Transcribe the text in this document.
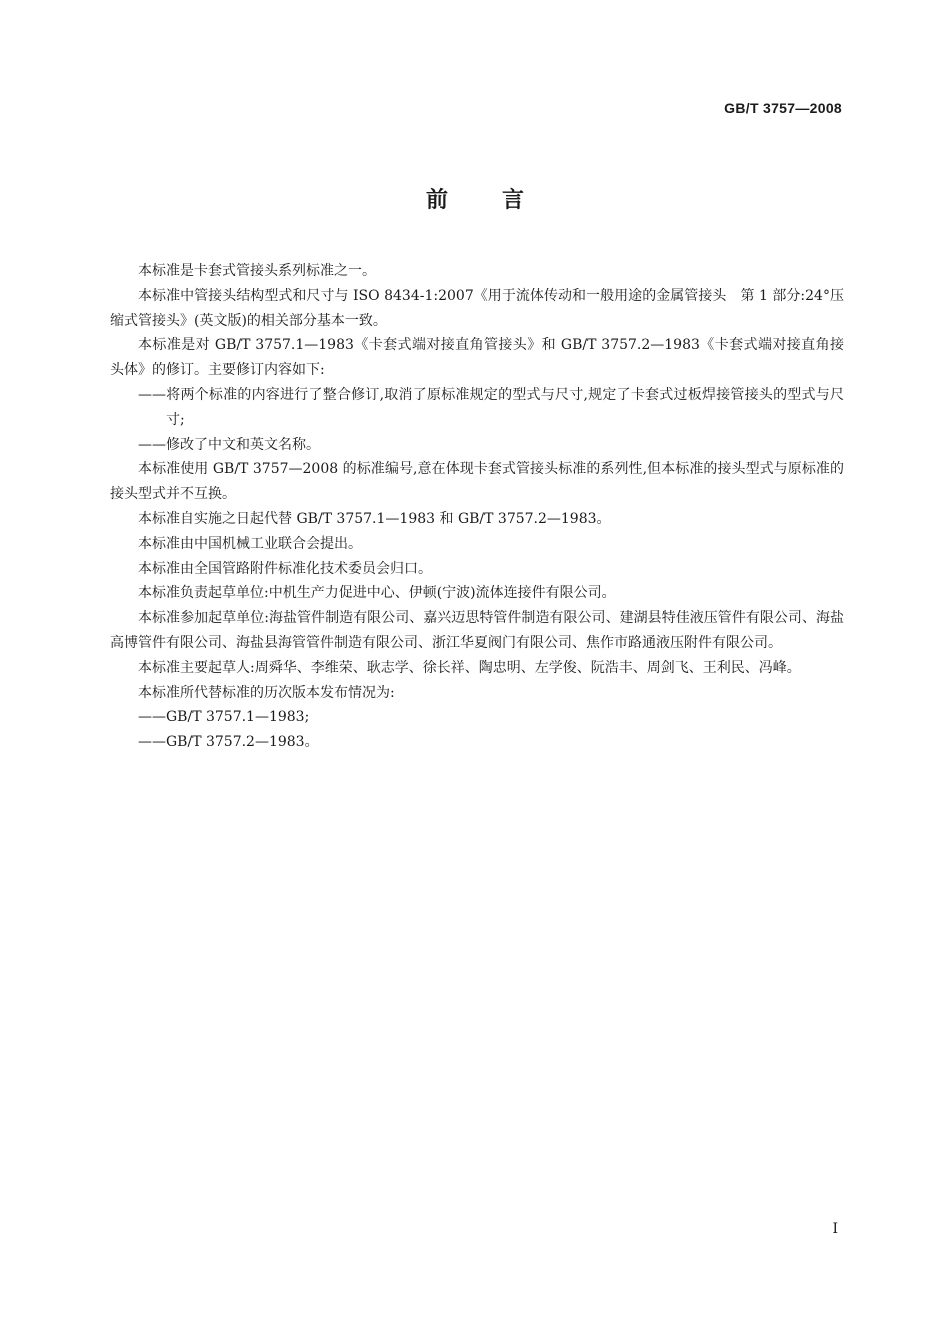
GB/T 3757—2008
前言

本标准是卡套式管接头系列标准之一。

本标准中管接头结构型式和尺寸与 ISO 8434-1:2007《用于流体传动和一般用途的金属管接头　第 1 部分:24°压缩式管接头》(英文版)的相关部分基本一致。

本标准是对 GB/T 3757.1—1983《卡套式端对接直角管接头》和 GB/T 3757.2—1983《卡套式端对接直角接头体》的修订。主要修订内容如下:

——将两个标准的内容进行了整合修订,取消了原标准规定的型式与尺寸,规定了卡套式过板焊接管接头的型式与尺寸;

——修改了中文和英文名称。

本标准使用 GB/T 3757—2008 的标准编号,意在体现卡套式管接头标准的系列性,但本标准的接头型式与原标准的接头型式并不互换。

本标准自实施之日起代替 GB/T 3757.1—1983 和 GB/T 3757.2—1983。

本标准由中国机械工业联合会提出。

本标准由全国管路附件标准化技术委员会归口。

本标准负责起草单位:中机生产力促进中心、伊顿(宁波)流体连接件有限公司。

本标准参加起草单位:海盐管件制造有限公司、嘉兴迈思特管件制造有限公司、建湖县特佳液压管件有限公司、海盐高博管件有限公司、海盐县海管管件制造有限公司、浙江华夏阀门有限公司、焦作市路通液压附件有限公司。

本标准主要起草人:周舜华、李维荣、耿志学、徐长祥、陶忠明、左学俊、阮浩丰、周剑飞、王利民、冯峰。

本标准所代替标准的历次版本发布情况为:

——GB/T 3757.1—1983;

——GB/T 3757.2—1983。

I
